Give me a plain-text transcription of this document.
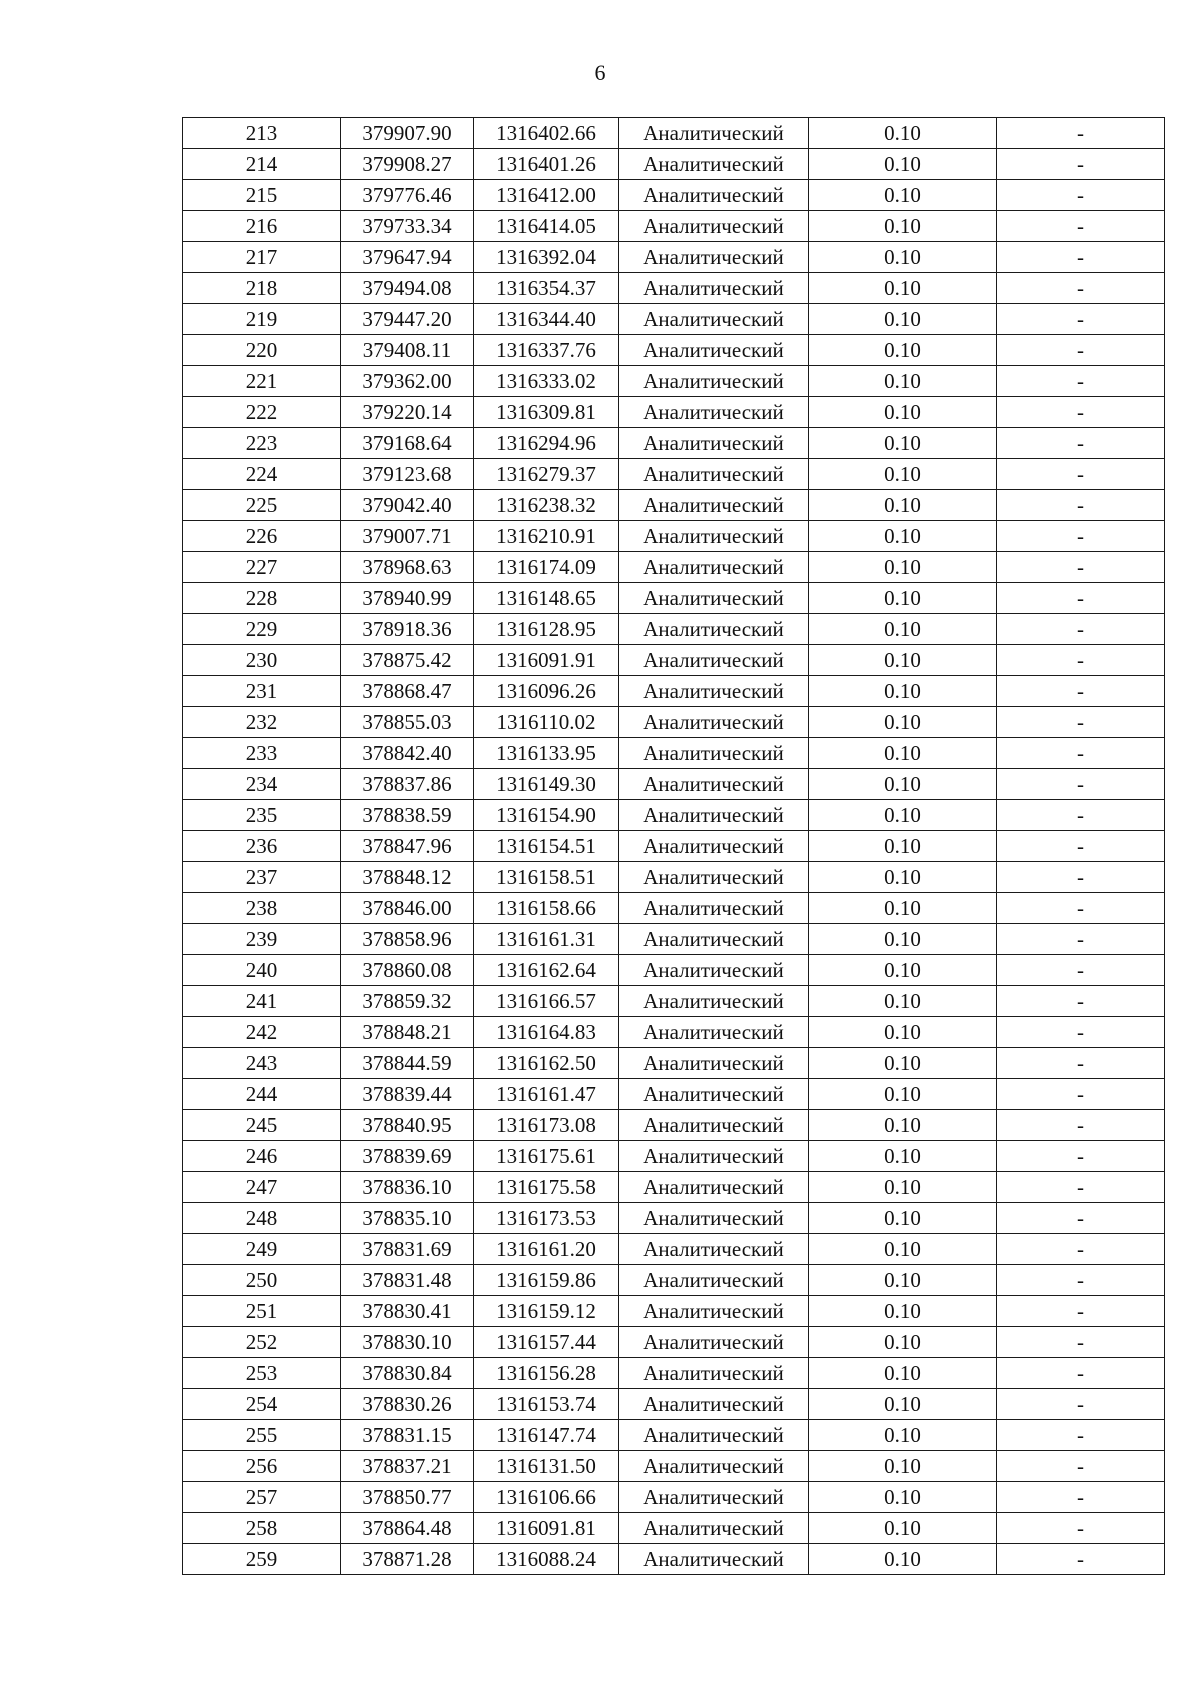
6
213	379907.90	1316402.66	Аналитический	0.10	-
214	379908.27	1316401.26	Аналитический	0.10	-
215	379776.46	1316412.00	Аналитический	0.10	-
216	379733.34	1316414.05	Аналитический	0.10	-
217	379647.94	1316392.04	Аналитический	0.10	-
218	379494.08	1316354.37	Аналитический	0.10	-
219	379447.20	1316344.40	Аналитический	0.10	-
220	379408.11	1316337.76	Аналитический	0.10	-
221	379362.00	1316333.02	Аналитический	0.10	-
222	379220.14	1316309.81	Аналитический	0.10	-
223	379168.64	1316294.96	Аналитический	0.10	-
224	379123.68	1316279.37	Аналитический	0.10	-
225	379042.40	1316238.32	Аналитический	0.10	-
226	379007.71	1316210.91	Аналитический	0.10	-
227	378968.63	1316174.09	Аналитический	0.10	-
228	378940.99	1316148.65	Аналитический	0.10	-
229	378918.36	1316128.95	Аналитический	0.10	-
230	378875.42	1316091.91	Аналитический	0.10	-
231	378868.47	1316096.26	Аналитический	0.10	-
232	378855.03	1316110.02	Аналитический	0.10	-
233	378842.40	1316133.95	Аналитический	0.10	-
234	378837.86	1316149.30	Аналитический	0.10	-
235	378838.59	1316154.90	Аналитический	0.10	-
236	378847.96	1316154.51	Аналитический	0.10	-
237	378848.12	1316158.51	Аналитический	0.10	-
238	378846.00	1316158.66	Аналитический	0.10	-
239	378858.96	1316161.31	Аналитический	0.10	-
240	378860.08	1316162.64	Аналитический	0.10	-
241	378859.32	1316166.57	Аналитический	0.10	-
242	378848.21	1316164.83	Аналитический	0.10	-
243	378844.59	1316162.50	Аналитический	0.10	-
244	378839.44	1316161.47	Аналитический	0.10	-
245	378840.95	1316173.08	Аналитический	0.10	-
246	378839.69	1316175.61	Аналитический	0.10	-
247	378836.10	1316175.58	Аналитический	0.10	-
248	378835.10	1316173.53	Аналитический	0.10	-
249	378831.69	1316161.20	Аналитический	0.10	-
250	378831.48	1316159.86	Аналитический	0.10	-
251	378830.41	1316159.12	Аналитический	0.10	-
252	378830.10	1316157.44	Аналитический	0.10	-
253	378830.84	1316156.28	Аналитический	0.10	-
254	378830.26	1316153.74	Аналитический	0.10	-
255	378831.15	1316147.74	Аналитический	0.10	-
256	378837.21	1316131.50	Аналитический	0.10	-
257	378850.77	1316106.66	Аналитический	0.10	-
258	378864.48	1316091.81	Аналитический	0.10	-
259	378871.28	1316088.24	Аналитический	0.10	-
